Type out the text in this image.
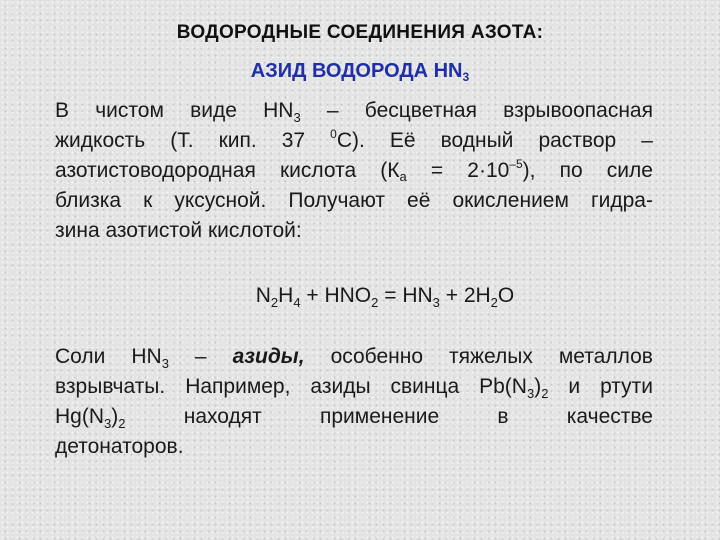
ВОДОРОДНЫЕ СОЕДИНЕНИЯ АЗОТА:
АЗИД ВОДОРОДА $HN_3$
В чистом виде $HN_3$ – бесцветная взрывоопасная
жидкость (Т. кип. 37 $^0$С). Её водный раствор –
азотистоводородная кислота $(Ка = 2\cdot 10^{-5})$, по силе
близка к уксусной. Получают её окислением гидра-
зина азотистой кислотой:
$N_2H_4 + HNO_2 = HN_3 + 2H_2O$
Соли $HN_3$ – азиды, особенно тяжелых металлов
взрывчаты. Например, азиды свинца $Pb(N_3)_2$ и ртути
$Hg(N_3)_2$	находят	применение	в	качестве
детонаторов.
